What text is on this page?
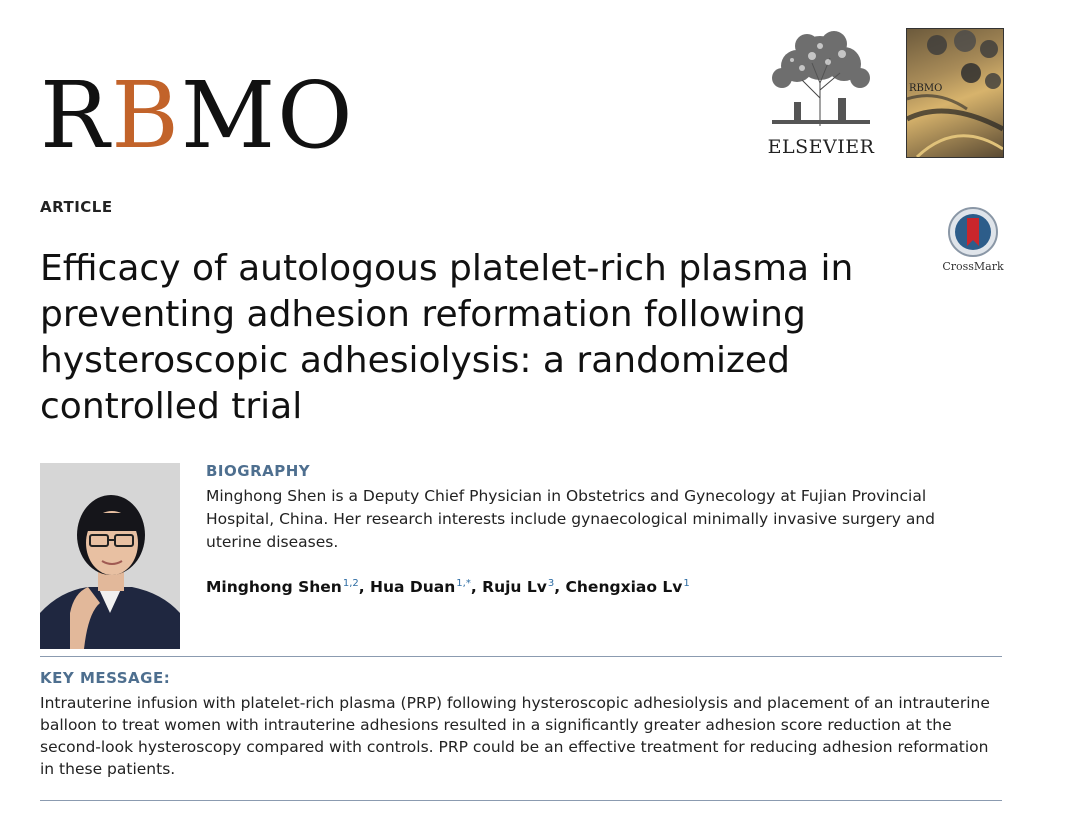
RBMO	ELSEVIER
RBMO
ARTICLE
CrossMark
Efficacy of autologous platelet-rich plasma in preventing adhesion reformation following hysteroscopic adhesiolysis: a randomized controlled trial
BIOGRAPHY

Minghong Shen is a Deputy Chief Physician in Obstetrics and Gynecology at Fujian Provincial Hospital, China. Her research interests include gynaecological minimally invasive surgery and uterine diseases.

Minghong Shen$^{1,2}$, Hua Duan$^{1,*}$, Ruju Lv$^3$, Chengxiao Lv$^1$
KEY MESSAGE:

Intrauterine infusion with platelet-rich plasma (PRP) following hysteroscopic adhesiolysis and placement of an intrauterine balloon to treat women with intrauterine adhesions resulted in a significantly greater adhesion score reduction at the second-look hysteroscopy compared with controls. PRP could be an effective treatment for reducing adhesion reformation in these patients.
